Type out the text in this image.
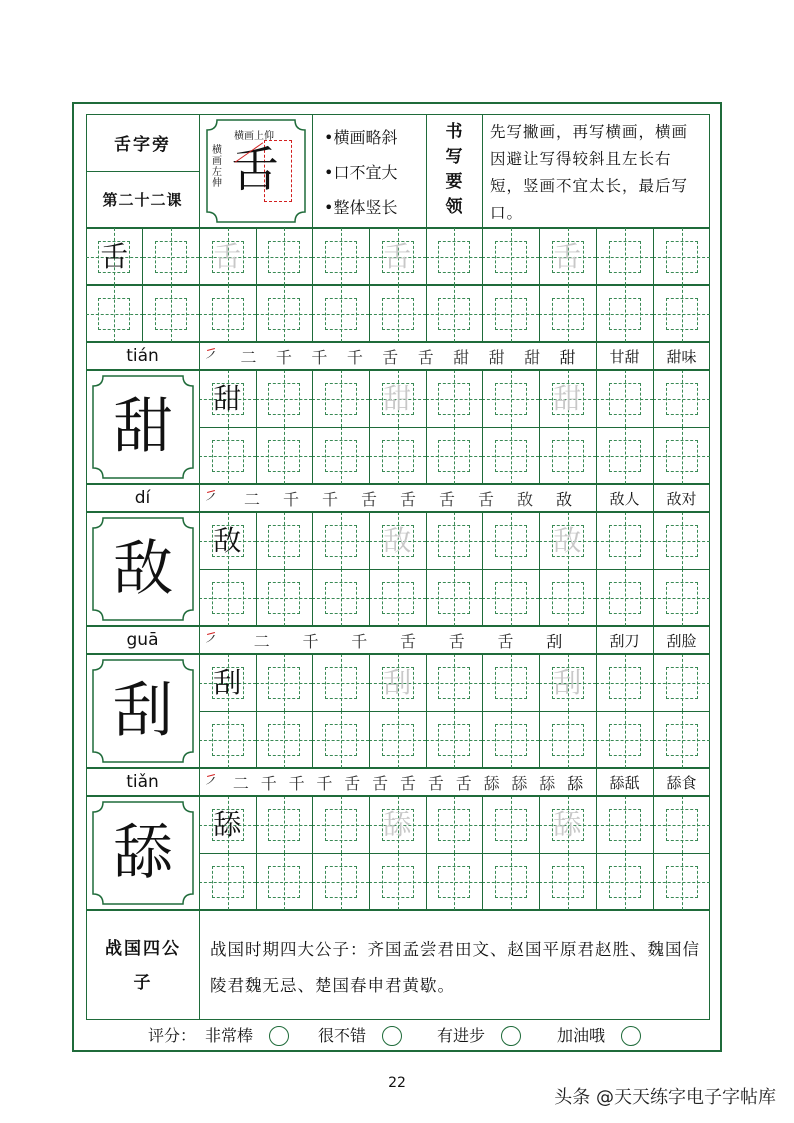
舌字旁
第二十二课
舌
横画上仰
横画左伸
•横画略斜
•口不宜大
•整体竖长
书写要领
先写撇画，再写横画，横画因避让写得较斜且左长右短，竖画不宜太长，最后写口。
舌	舌	舌	舌
tián	㇒ 二 千 千 千 舌 舌 甜 甜 甜 甜	甘甜	甜味
甜	甜	甜	甜
dí	㇒ 二 千 千 舌 舌 舌 舌 敌 敌	敌人	敌对
敌	敌	敌	敌
guā	㇒ 二 千 千 舌 舌 舌 刮	刮刀	刮脸
刮	刮	刮	刮
tiǎn	㇒ 二 千 千 千 舌 舌 舌 舌 舌 舔 舔 舔 舔	舔舐	舔食
舔	舔	舔	舔
战国四公子
战国时期四大公子：齐国孟尝君田文、赵国平原君赵胜、魏国信陵君魏无忌、楚国春申君黄歇。
评分： 非常棒	很不错	有进步	加油哦
22
头条 @天天练字电子字帖库
